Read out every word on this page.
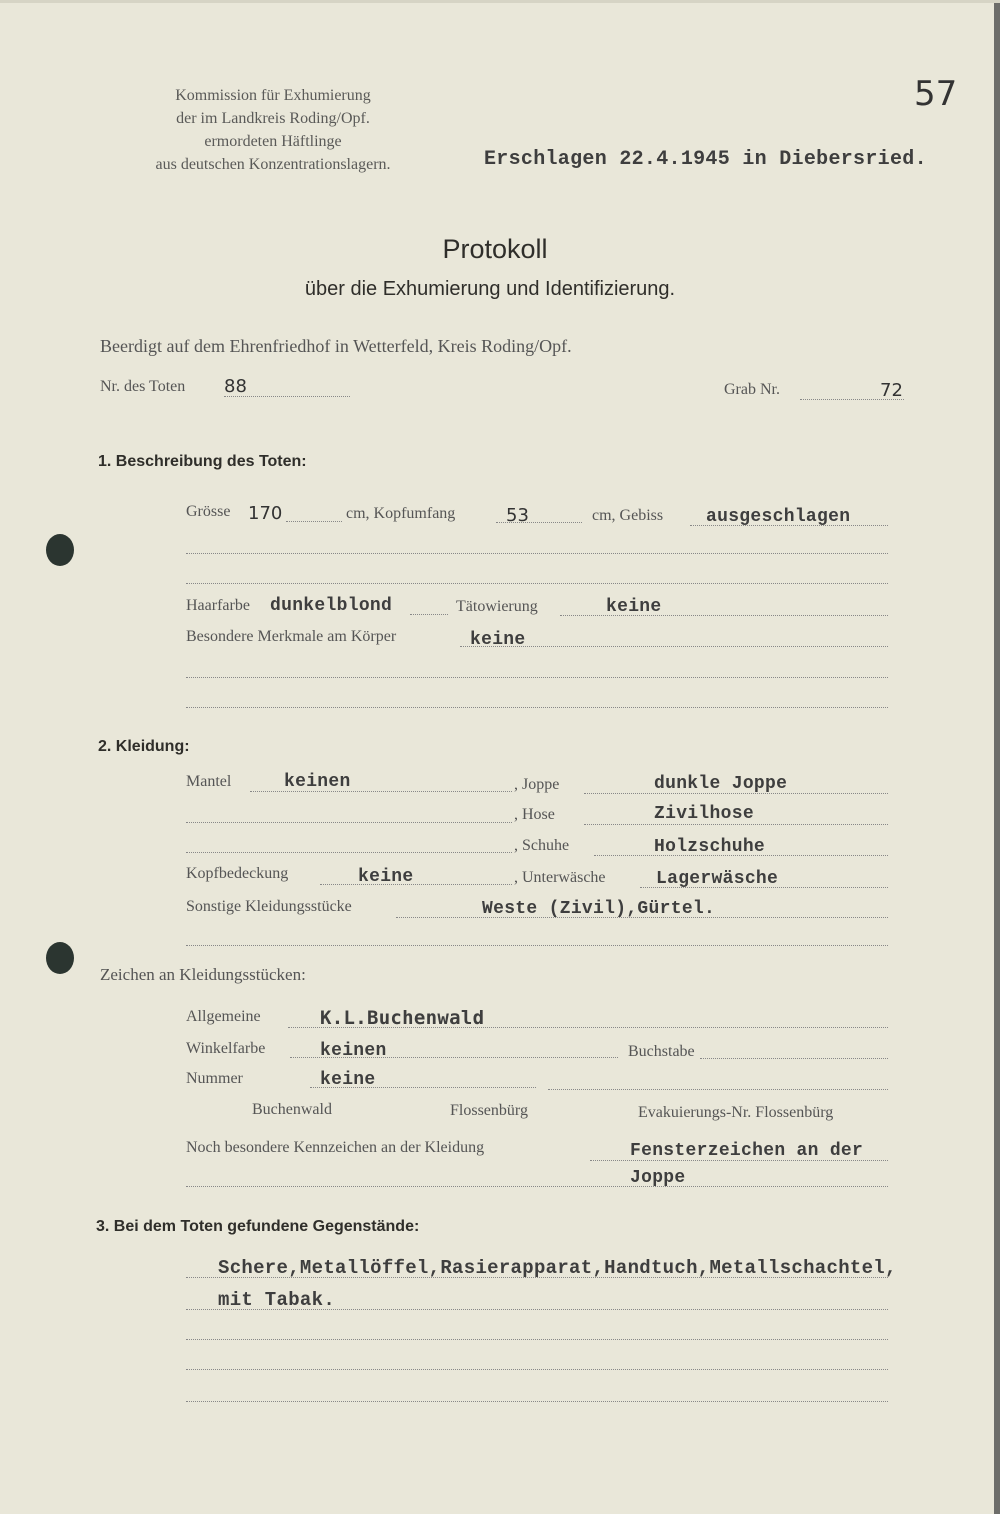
Kommission für Exhumierung
der im Landkreis Roding/Opf.
ermordeten Häftlinge
aus deutschen Konzentrationslagern.
57
Erschlagen 22.4.1945 in Diebersried.
Protokoll
über die Exhumierung und Identifizierung.
Beerdigt auf dem Ehrenfriedhof in Wetterfeld, Kreis Roding/Opf.
Nr. des Toten 88	Grab Nr.	72
1. Beschreibung des Toten:
Grösse 170	cm, Kopfumfang	53	cm, Gebiss ausgeschlagen
Haarfarbe dunkelblond	Tätowierung	keine
Besondere Merkmale am Körper	keine
2. Kleidung:
Mantel	keinen	, Joppe	dunkle Joppe
, Hose	Zivilhose
, Schuhe	Holzschuhe
Kopfbedeckung	keine	, Unterwäsche	Lagerwäsche
Sonstige Kleidungsstücke	Weste (Zivil),Gürtel.
Zeichen an Kleidungsstücken:
Allgemeine	K.L.Buchenwald
Winkelfarbe	keinen	Buchstabe
Nummer	keine
Buchenwald	Flossenbürg	Evakuierungs-Nr. Flossenbürg
Noch besondere Kennzeichen an der Kleidung	Fensterzeichen an der
Joppe
3. Bei dem Toten gefundene Gegenstände:
Schere,Metallöffel,Rasierapparat,Handtuch,Metallschachtel,
mit Tabak.
